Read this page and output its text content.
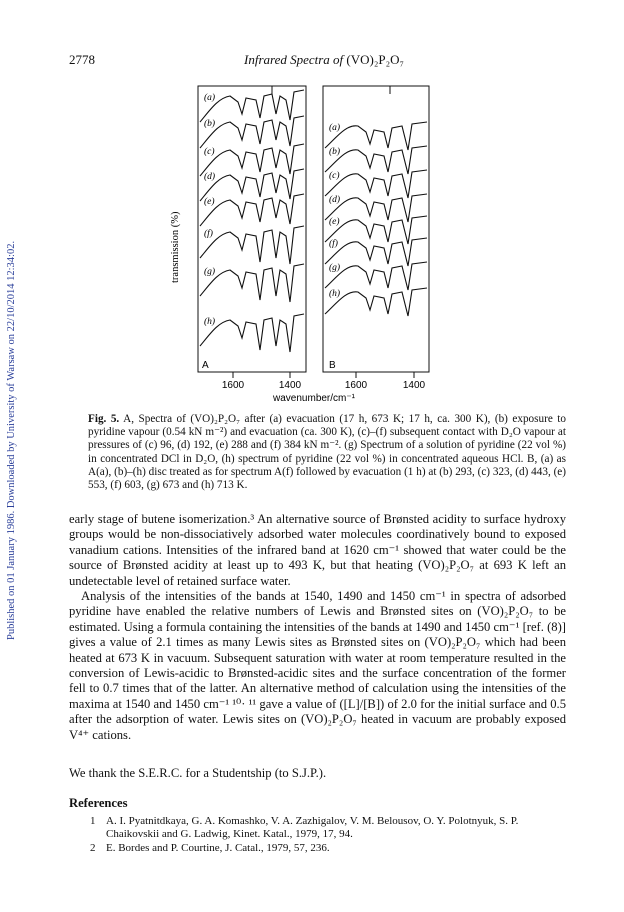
Published on 01 January 1986. Downloaded by University of Warsaw on 22/10/2014 12:34:02.
2778	Infrared Spectra of (VO)₂P₂O₇
transmission (%)
(a)
(b)
(c)
(d)
(e)
(f)
(g)
(h)
A
1600	1400
(a)
(b)
(c)
(d)
(e)
(f)
(g)
(h)
B
1600	1400
wavenumber/cm⁻¹
Fig. 5. A, Spectra of (VO)₂P₂O₇ after (a) evacuation (17 h, 673 K; 17 h, ca. 300 K), (b) exposure to pyridine vapour (0.54 kN m⁻²) and evacuation (ca. 300 K), (c)–(f) subsequent contact with D₂O vapour at pressures of (c) 96, (d) 192, (e) 288 and (f) 384 kN m⁻². (g) Spectrum of a solution of pyridine (22 vol %) in concentrated DCl in D₂O, (h) spectrum of pyridine (22 vol %) in concentrated aqueous HCl. B, (a) as A(a), (b)–(h) disc treated as for spectrum A(f) followed by evacuation (1 h) at (b) 293, (c) 323, (d) 443, (e) 553, (f) 603, (g) 673 and (h) 713 K.

early stage of butene isomerization.³ An alternative source of Brønsted acidity to surface hydroxy groups would be non-dissociatively adsorbed water molecules coordinatively bound to exposed vanadium cations. Intensities of the infrared band at 1620 cm⁻¹ showed that water could be the source of Brønsted acidity at least up to 493 K, but that heating (VO)₂P₂O₇ at 693 K left an undetectable level of retained surface water.

Analysis of the intensities of the bands at 1540, 1490 and 1450 cm⁻¹ in spectra of adsorbed pyridine have enabled the relative numbers of Lewis and Brønsted sites on (VO)₂P₂O₇ to be estimated. Using a formula containing the intensities of the bands at 1490 and 1450 cm⁻¹ [ref. (8)] gives a value of 2.1 times as many Lewis sites as Brønsted sites on (VO)₂P₂O₇ which had been heated at 673 K in vacuum. Subsequent saturation with water at room temperature resulted in the conversion of Lewis-acidic to Brønsted-acidic sites and the surface concentration of the former fell to 0.7 times that of the latter. An alternative method of calculation using the intensities of the maxima at 1540 and 1450 cm⁻¹ ¹⁰· ¹¹ gave a value of ([L]/[B]) of 2.0 for the initial surface and 0.5 after the adsorption of water. Lewis sites on (VO)₂P₂O₇ heated in vacuum are probably exposed V⁴⁺ cations.

We thank the S.E.R.C. for a Studentship (to S.J.P.).
References
1 A. I. Pyatnitdkaya, G. A. Komashko, V. A. Zazhigalov, V. M. Belousov, O. Y. Polotnyuk, S. P. Chaikovskii and G. Ladwig, Kinet. Katal., 1979, 17, 94.
2 E. Bordes and P. Courtine, J. Catal., 1979, 57, 236.
